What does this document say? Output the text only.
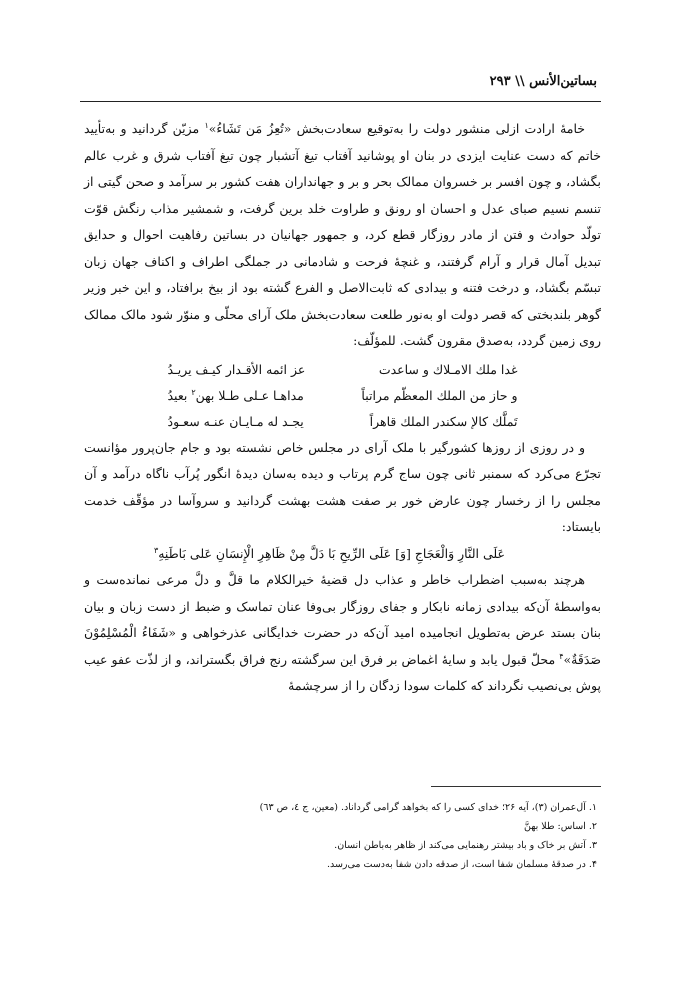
بساتین‌الأنس \\ ۲۹۳

خامهٔ ارادت ازلی منشور دولت را به‌توقیع سعادت‌بخش «تُعِزُ مَن تَشَاءُ»$^۱$ مزیّن گردانید و به‌تأیید خاتم که دست عنایت ایزدی در بنان او پوشانید آفتاب تیغ آتشبار چون تیغ آفتاب شرق و غرب عالم بگشاد، و چون افسر بر خسروان ممالک بحر و بر و جهانداران هفت کشور بر سرآمد و صحن گیتی از تنسم نسیم صبای عدل و احسان او رونق و طراوت خلد برین گرفت، و شمشیر مذاب رنگش قوّت تولّد حوادث و فتن از مادر روزگار قطع کرد، و جمهور جهانیان در بساتین رفاهیت احوال و حدایق تبدیل آمال قرار و آرام گرفتند، و غنچهٔ فرحت و شادمانی در جملگی اطراف و اکناف جهان زبان تبسّم بگشاد، و درخت فتنه و بیدادی که ثابت‌الاصل و الفرع گشته بود از بیخ برافتاد، و این خبر وزیر گوهر بلندبختی که قصر دولت او به‌نور طلعت سعادت‌بخش ملک آرای محلّی و منوّر شود مالک ممالک روی زمین گردد، به‌صدق مقرون گشت. للمؤلّف:

غدا ملك الامـلاك و ساعدت
عز ائمه الأقـدار كيـف يريـدُ
و حاز من الملك المعظّم مراتباً
مداهـا عـلى طـلا بهن$^۲$ بعيدُ
تَملَّك كالإ سكندر الملك قاهراً
يجـد له مـايـان عنـه سعـودُ

و در روزی از روزها کشورگیر با ملک آرای در مجلس خاص نشسته بود و جام جان‌پرور مؤانست تجرّع می‌کرد که سمنبر ثانی چون ساج گرم پرتاب و دیده به‌سان دیدهٔ انگور پُرآب ناگاه درآمد و آن مجلس را از رخسار چون عارض خور بر صفت هشت بهشت گردانید و سروآسا در مؤقّف خدمت بایستاد:

عَلَى النَّارِ وَالْعَجَاجِ [وَ] عَلَى الرِّيحِ بَا دَلَّ مِنْ ظَاهِرِ الْإِنسَانِ عَلى بَاطَنِهِ$^۳$

هرچند به‌سبب اضطراب خاطر و عذاب دل قضیهٔ خیرالکلام ما قلَّ و دلَّ مرعی نمانده‌ست و به‌واسطهٔ آن‌که بیدادی زمانه نابکار و جفای روزگار بی‌وفا عنان تماسک و ضبط از دست زبان و بیان بنان بستد عرض به‌تطویل انجامیده امید آن‌که در حضرت خدایگانی عذرخواهی و «شَفَاءُ الْمُسْلِمُوْنَ صَدَقَةٌ»$^۴$ محلّ قبول یابد و سایهٔ اغماض بر فرق این سرگشته رنج فراق بگستراند، و از لذّت عفو عیب پوش بی‌نصیب نگرداند که کلمات سودا زدگان را از سرچشمهٔ

۱. آل‌عمران (۳)، آیه ۲۶؛ خدای کسی را که بخواهد گرامی گرداناد. (معین، ج ٤، ص ٦٣)
۲. اساس: طلا بهنَّ
۳. آتش بر خاک و باد بیشتر رهنمایی می‌کند از ظاهر به‌باطن انسان.
۴. در صدقهٔ مسلمان شفا است، از صدقه دادن شفا به‌دست می‌رسد.
